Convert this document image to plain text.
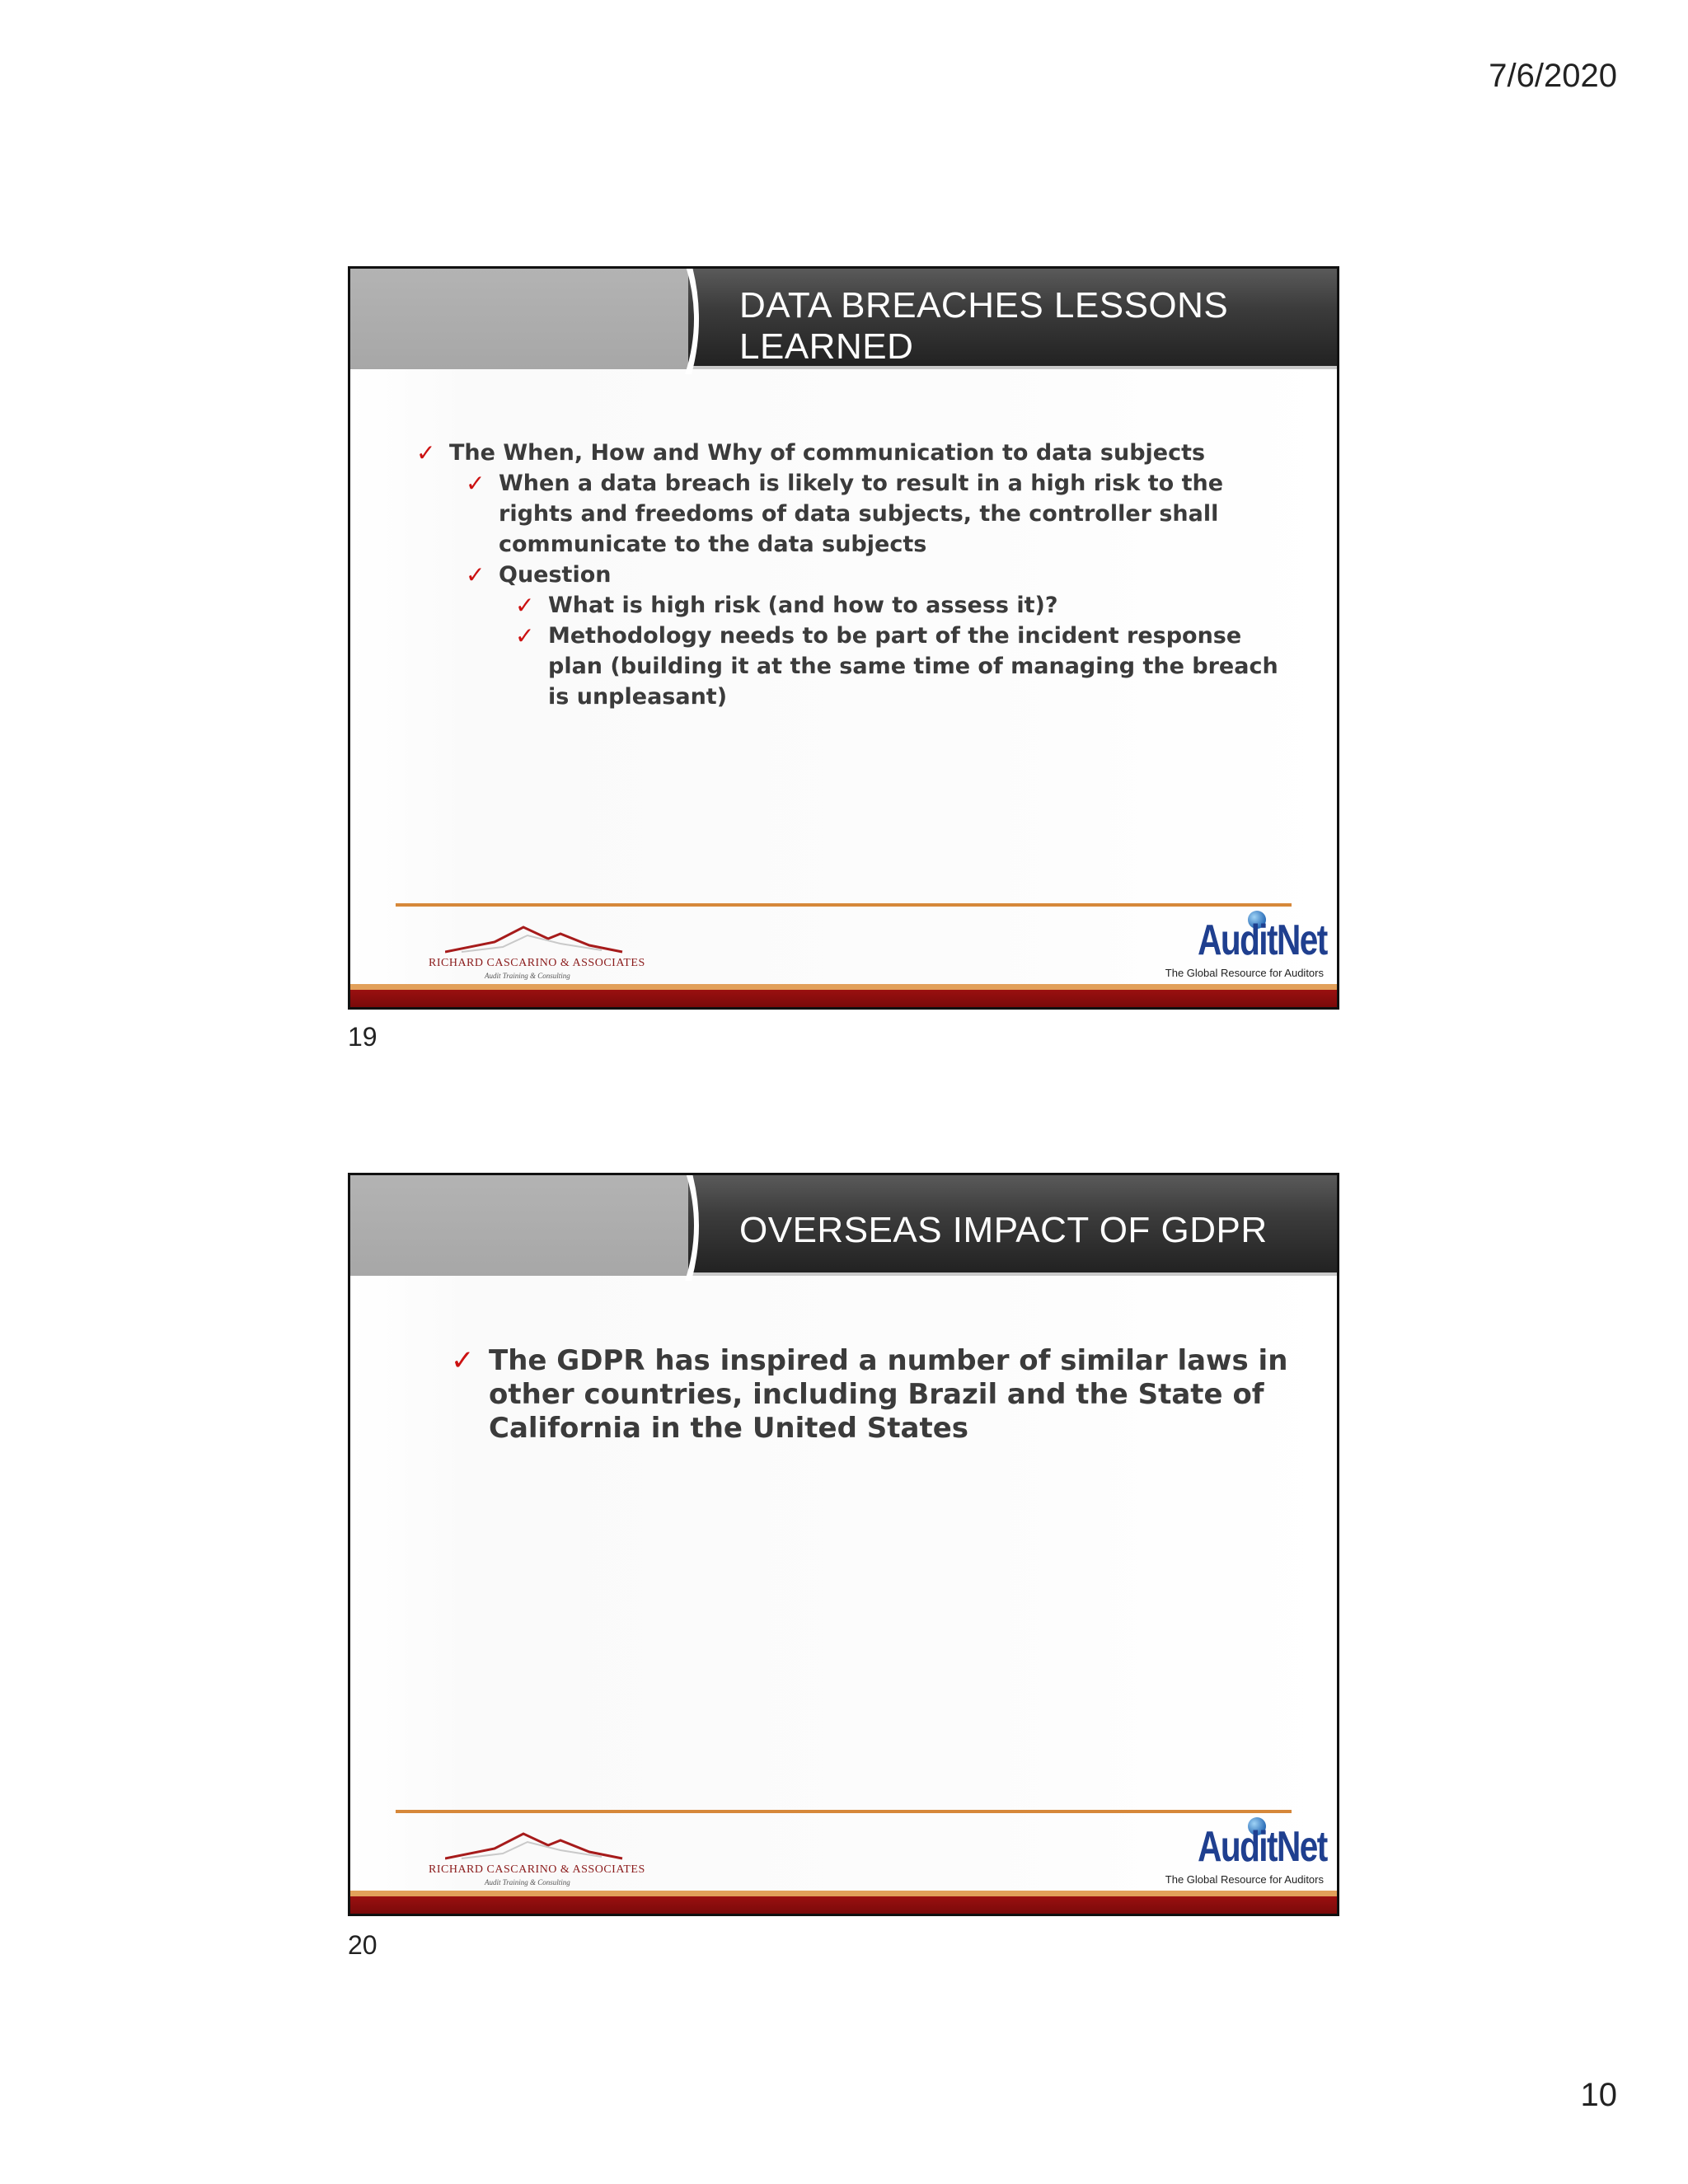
7/6/2020
DATA BREACHES LESSONS LEARNED
✓ The When, How and Why of communication to data subjects
✓ When a data breach is likely to result in a high risk to the rights and freedoms of data subjects, the controller shall communicate to the data subjects
✓ Question
✓ What is high risk (and how to assess it)?
✓ Methodology needs to be part of the incident response plan (building it at the same time of managing the breach is unpleasant)
RICHARD CASCARINO & ASSOCIATES
Audit Training & Consulting
AuditNet
The Global Resource for Auditors
19
OVERSEAS IMPACT OF GDPR
✓ The GDPR has inspired a number of similar laws in other countries, including Brazil and the State of California in the United States
RICHARD CASCARINO & ASSOCIATES
Audit Training & Consulting
AuditNet
The Global Resource for Auditors
20
10
